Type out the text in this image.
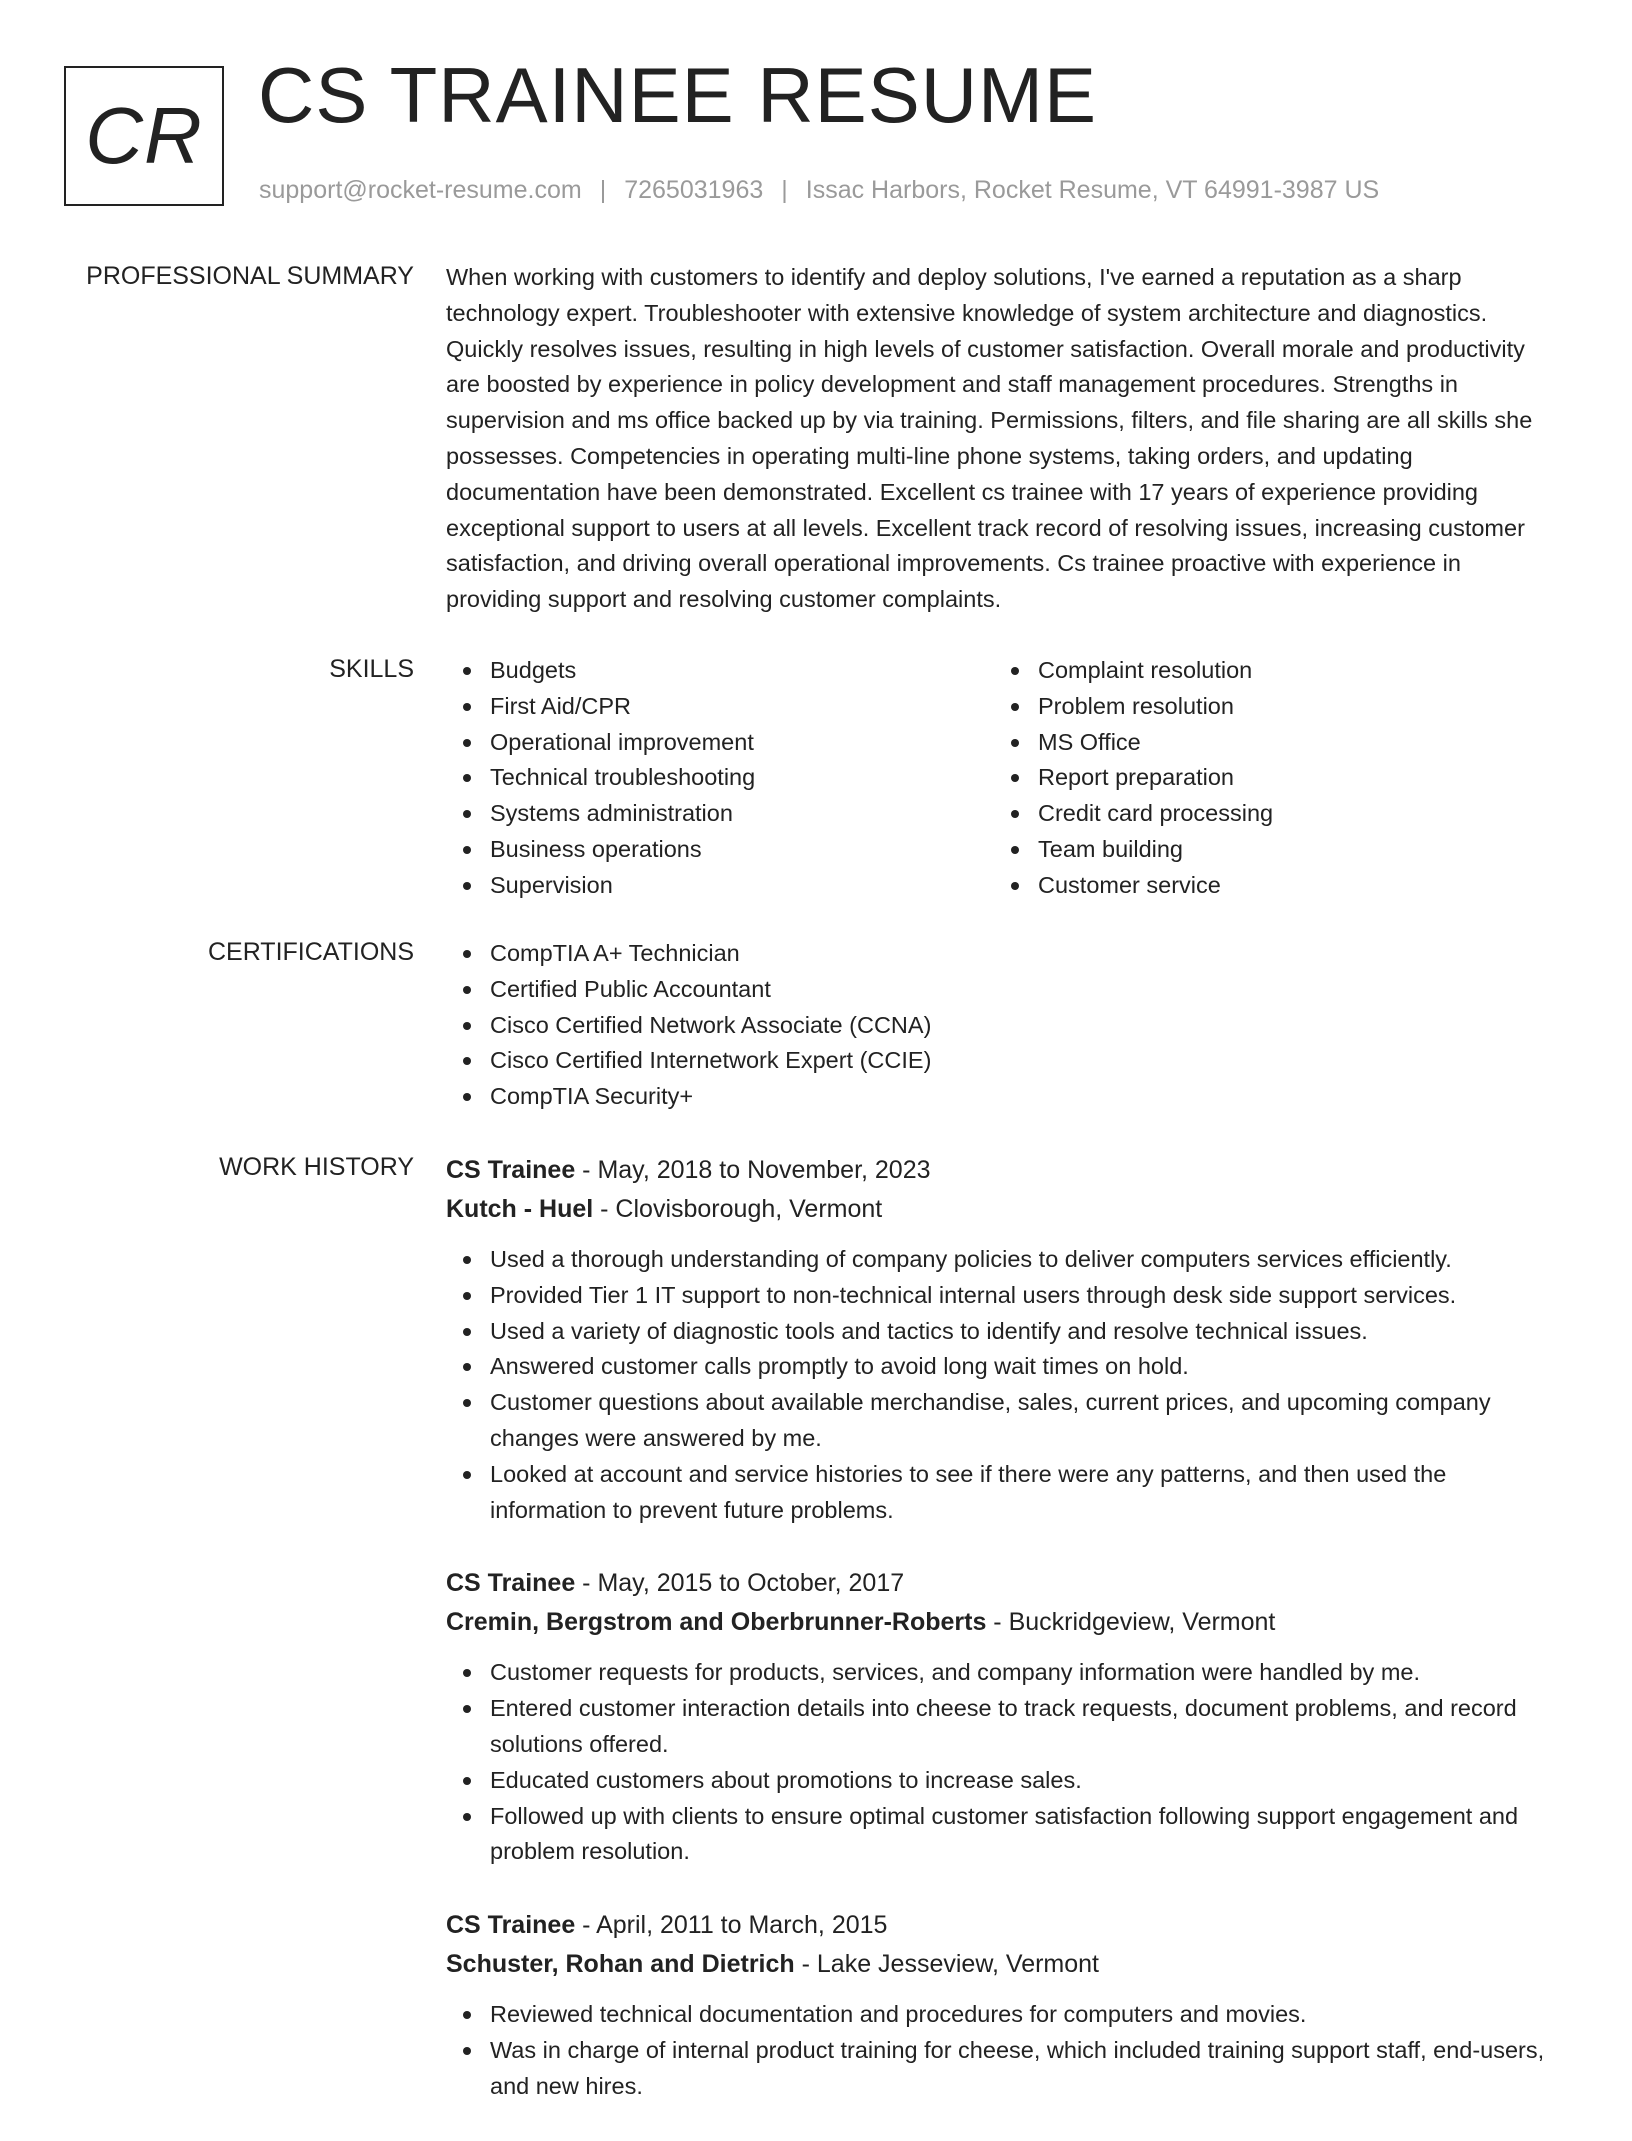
CR CS TRAINEE RESUME
support@rocket-resume.com | 7265031963 | Issac Harbors, Rocket Resume, VT 64991-3987 US
PROFESSIONAL SUMMARY When working with customers to identify and deploy solutions, I've earned a reputation as a sharp technology expert. Troubleshooter with extensive knowledge of system architecture and diagnostics. Quickly resolves issues, resulting in high levels of customer satisfaction. Overall morale and productivity are boosted by experience in policy development and staff management procedures. Strengths in supervision and ms office backed up by via training. Permissions, filters, and file sharing are all skills she possesses. Competencies in operating multi-line phone systems, taking orders, and updating documentation have been demonstrated. Excellent cs trainee with 17 years of experience providing exceptional support to users at all levels. Excellent track record of resolving issues, increasing customer satisfaction, and driving overall operational improvements. Cs trainee proactive with experience in providing support and resolving customer complaints.

SKILLS	Budgets
First Aid/CPR
Operational improvement
Technical troubleshooting
Systems administration
Business operations
Supervision
Complaint resolution
Problem resolution
MS Office
Report preparation
Credit card processing
Team building
Customer service
CERTIFICATIONS	CompTIA A+ Technician
Certified Public Accountant
Cisco Certified Network Associate (CCNA)
Cisco Certified Internetwork Expert (CCIE)
CompTIA Security+
WORK HISTORY CS Trainee - May, 2018 to November, 2023
Kutch - Huel - Clovisborough, Vermont
Used a thorough understanding of company policies to deliver computers services efficiently.
Provided Tier 1 IT support to non-technical internal users through desk side support services.
Used a variety of diagnostic tools and tactics to identify and resolve technical issues.
Answered customer calls promptly to avoid long wait times on hold.
Customer questions about available merchandise, sales, current prices, and upcoming company changes were answered by me.
Looked at account and service histories to see if there were any patterns, and then used the information to prevent future problems.
CS Trainee - May, 2015 to October, 2017
Cremin, Bergstrom and Oberbrunner-Roberts - Buckridgeview, Vermont
Customer requests for products, services, and company information were handled by me.
Entered customer interaction details into cheese to track requests, document problems, and record solutions offered.
Educated customers about promotions to increase sales.
Followed up with clients to ensure optimal customer satisfaction following support engagement and problem resolution.
CS Trainee - April, 2011 to March, 2015
Schuster, Rohan and Dietrich - Lake Jesseview, Vermont
Reviewed technical documentation and procedures for computers and movies.
Was in charge of internal product training for cheese, which included training support staff, end-users, and new hires.
